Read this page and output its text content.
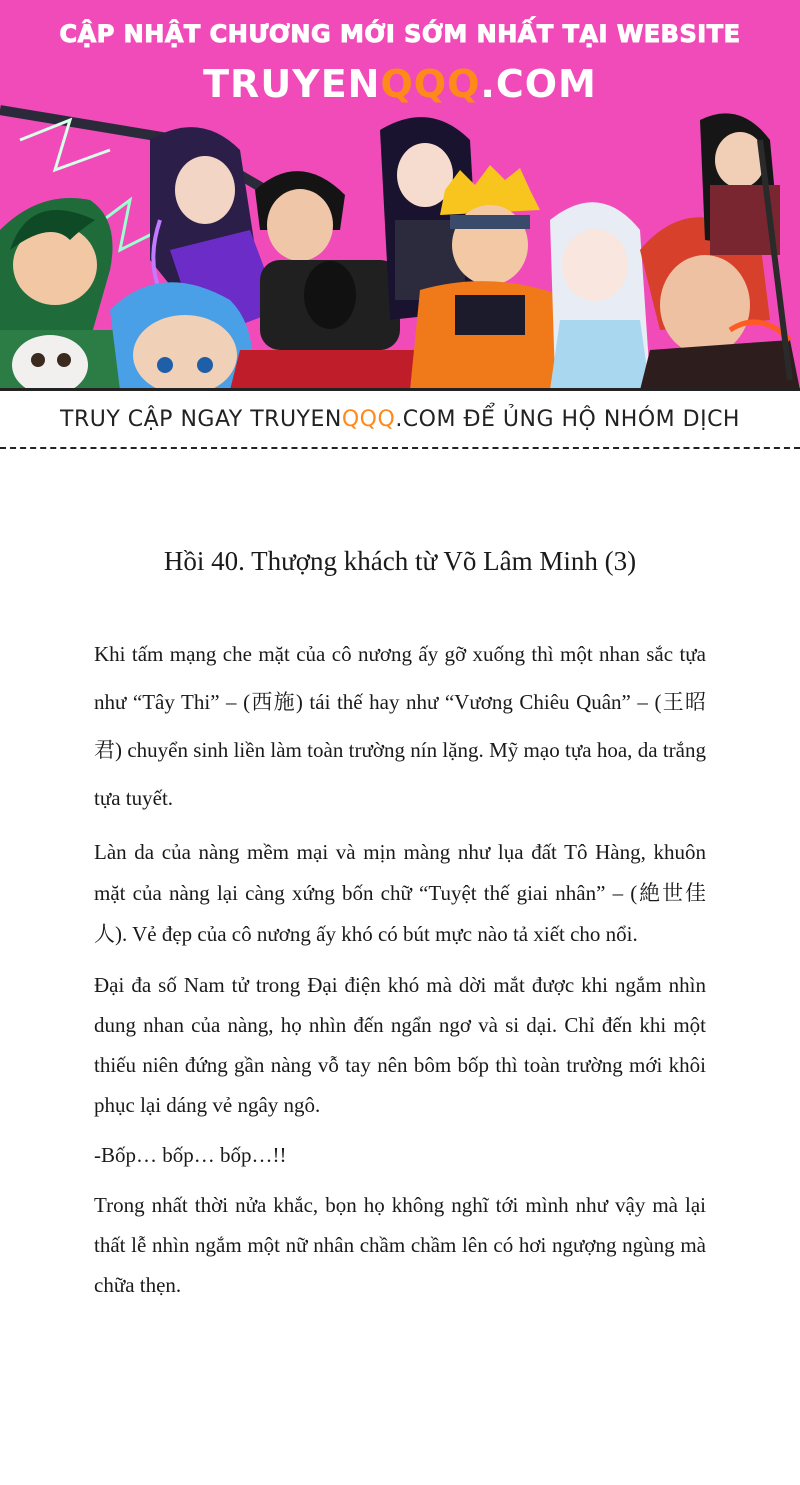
CẬP NHẬT CHƯƠNG MỚI SỚM NHẤT TẠI WEBSITE
TRUYENQQQ.COM
TRUY CẬP NGAY TRUYENQQQ.COM ĐỂ ỦNG HỘ NHÓM DỊCH
Hồi 40. Thượng khách từ Võ Lâm Minh (3)

Khi tấm mạng che mặt của cô nương ấy gỡ xuống thì một nhan sắc tựa như “Tây Thi” – (西施) tái thế hay như “Vương Chiêu Quân” – (王昭君) chuyển sinh liền làm toàn trường nín lặng. Mỹ mạo tựa hoa, da trắng tựa tuyết.

Làn da của nàng mềm mại và mịn màng như lụa đất Tô Hàng, khuôn mặt của nàng lại càng xứng bốn chữ “Tuyệt thế giai nhân” – (絶世佳人). Vẻ đẹp của cô nương ấy khó có bút mực nào tả xiết cho nổi.

Đại đa số Nam tử trong Đại điện khó mà dời mắt được khi ngắm nhìn dung nhan của nàng, họ nhìn đến ngẩn ngơ và si dại. Chỉ đến khi một thiếu niên đứng gần nàng vỗ tay nên bôm bốp thì toàn trường mới khôi phục lại dáng vẻ ngây ngô.

-Bốp… bốp… bốp…!!

Trong nhất thời nửa khắc, bọn họ không nghĩ tới mình như vậy mà lại thất lễ nhìn ngắm một nữ nhân chầm chầm lên có hơi ngượng ngùng mà chữa thẹn.
